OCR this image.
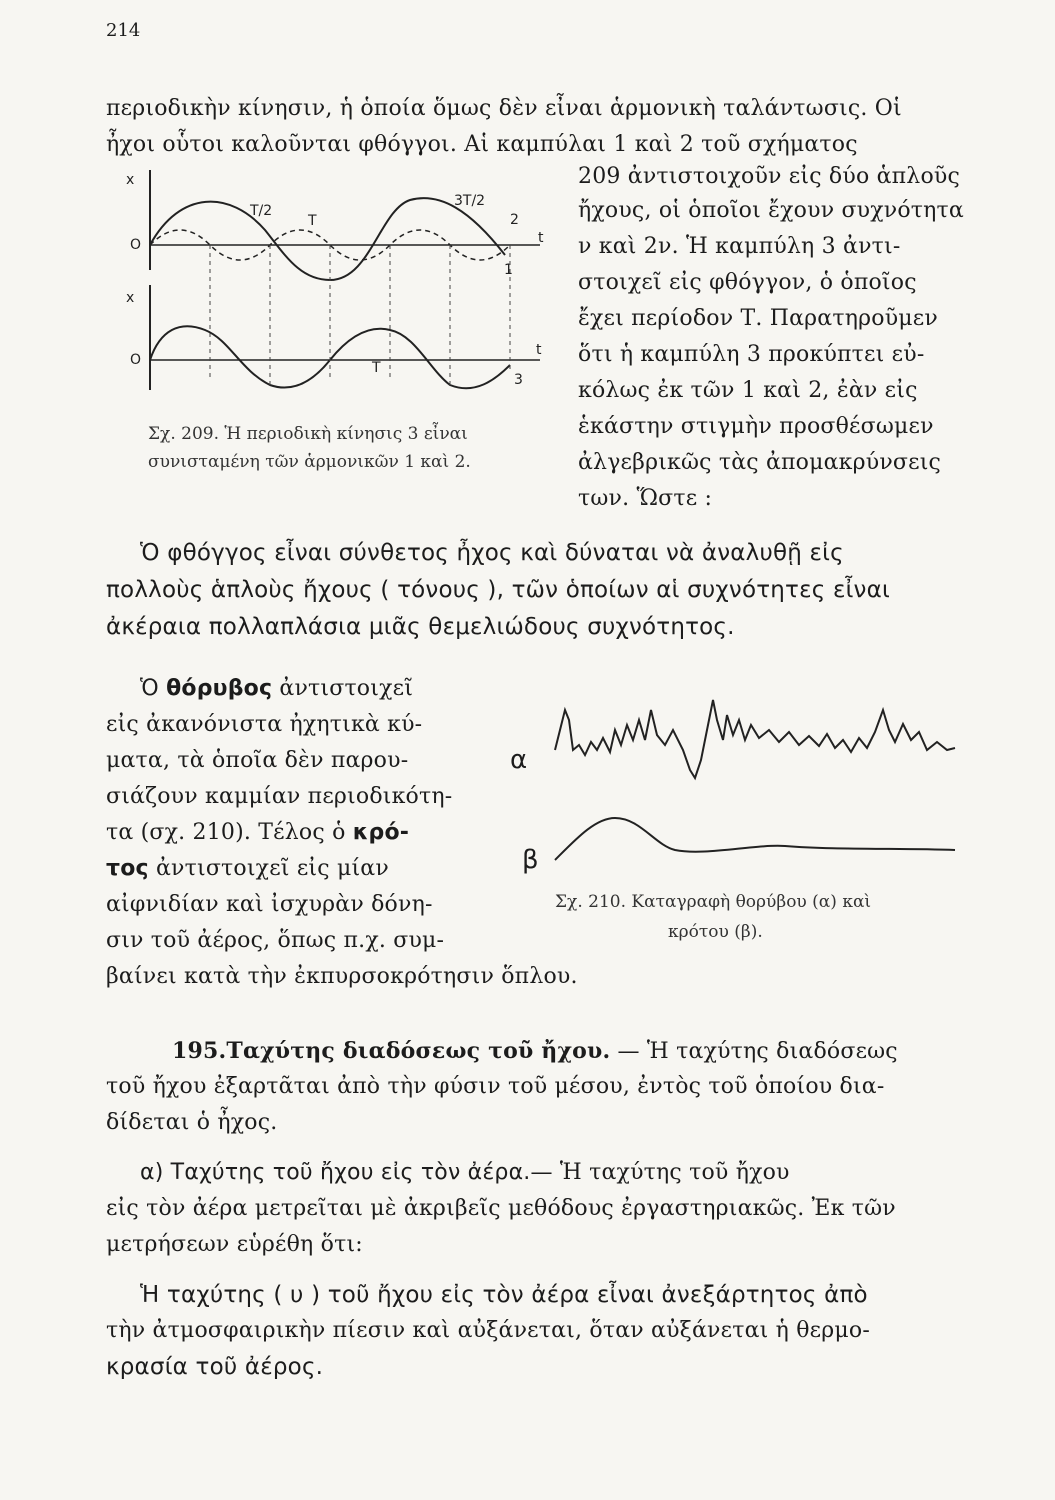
214
περιοδικὴν κίνησιν, ἡ ὁποία ὅμως δὲν εἶναι ἁρμονικὴ ταλάντωσις. Οἱ
ἦχοι οὗτοι καλοῦνται φθόγγοι. Αἱ καμπύλαι 1 καὶ 2 τοῦ σχήματος
209 ἀντιστοιχοῦν εἰς δύο ἁπλοῦς
ἤχους, οἱ ὁποῖοι ἔχουν συχνότητα
ν καὶ 2ν. Ἡ καμπύλη 3 ἀντι-
στοιχεῖ εἰς φθόγγον, ὁ ὁποῖος
ἔχει περίοδον Τ. Παρατηροῦμεν
ὅτι ἡ καμπύλη 3 προκύπτει εὐ-
κόλως ἐκ τῶν 1 καὶ 2, ἐὰν εἰς
ἑκάστην στιγμὴν προσθέσωμεν
ἀλγεβρικῶς τὰς ἀπομακρύνσεις
των. Ὥστε :
x
O
T/2
T
3T/2
2
t
1
x
O
t
T
3
Σχ. 209. Ἡ περιοδικὴ κίνησις 3 εἶναι
συνισταμένη τῶν ἁρμονικῶν 1 καὶ 2.
Ὁ φθόγγος εἶναι σύνθετος ἦχος καὶ δύναται νὰ ἀναλυθῇ εἰς
πολλοὺς ἁπλοὺς ἤχους ( τόνους ), τῶν ὁποίων αἱ συχνότητες εἶναι
ἀκέραια πολλαπλάσια μιᾶς θεμελιώδους συχνότητος.
Ὁ θόρυβος ἀντιστοιχεῖ
εἰς ἀκανόνιστα ἠχητικὰ κύ-
ματα, τὰ ὁποῖα δὲν παρου-
σιάζουν καμμίαν περιοδικότη-
τα (σχ. 210). Τέλος ὁ κρό-
τος ἀντιστοιχεῖ εἰς μίαν
αἰφνιδίαν καὶ ἰσχυρὰν δόνη-
σιν τοῦ ἀέρος, ὅπως π.χ. συμ-
βαίνει κατὰ τὴν ἐκπυρσοκρότησιν ὅπλου.
α
β
Σχ. 210. Καταγραφὴ θορύβου (α) καὶ
κρότου (β).
195.Ταχύτης διαδόσεως τοῦ ἤχου. — Ἡ ταχύτης διαδόσεως
τοῦ ἤχου ἐξαρτᾶται ἀπὸ τὴν φύσιν τοῦ μέσου, ἐντὸς τοῦ ὁποίου δια-
δίδεται ὁ ἦχος.
α) Ταχύτης τοῦ ἤχου εἰς τὸν ἀέρα.— Ἡ ταχύτης τοῦ ἤχου
εἰς τὸν ἀέρα μετρεῖται μὲ ἀκριβεῖς μεθόδους ἐργαστηριακῶς. Ἐκ τῶν
μετρήσεων εὑρέθη ὅτι:
Ἡ ταχύτης ( υ ) τοῦ ἤχου εἰς τὸν ἀέρα εἶναι ἀνεξάρτητος ἀπὸ
τὴν ἀτμοσφαιρικὴν πίεσιν καὶ αὐξάνεται, ὅταν αὐξάνεται ἡ θερμο-
κρασία τοῦ ἀέρος.
